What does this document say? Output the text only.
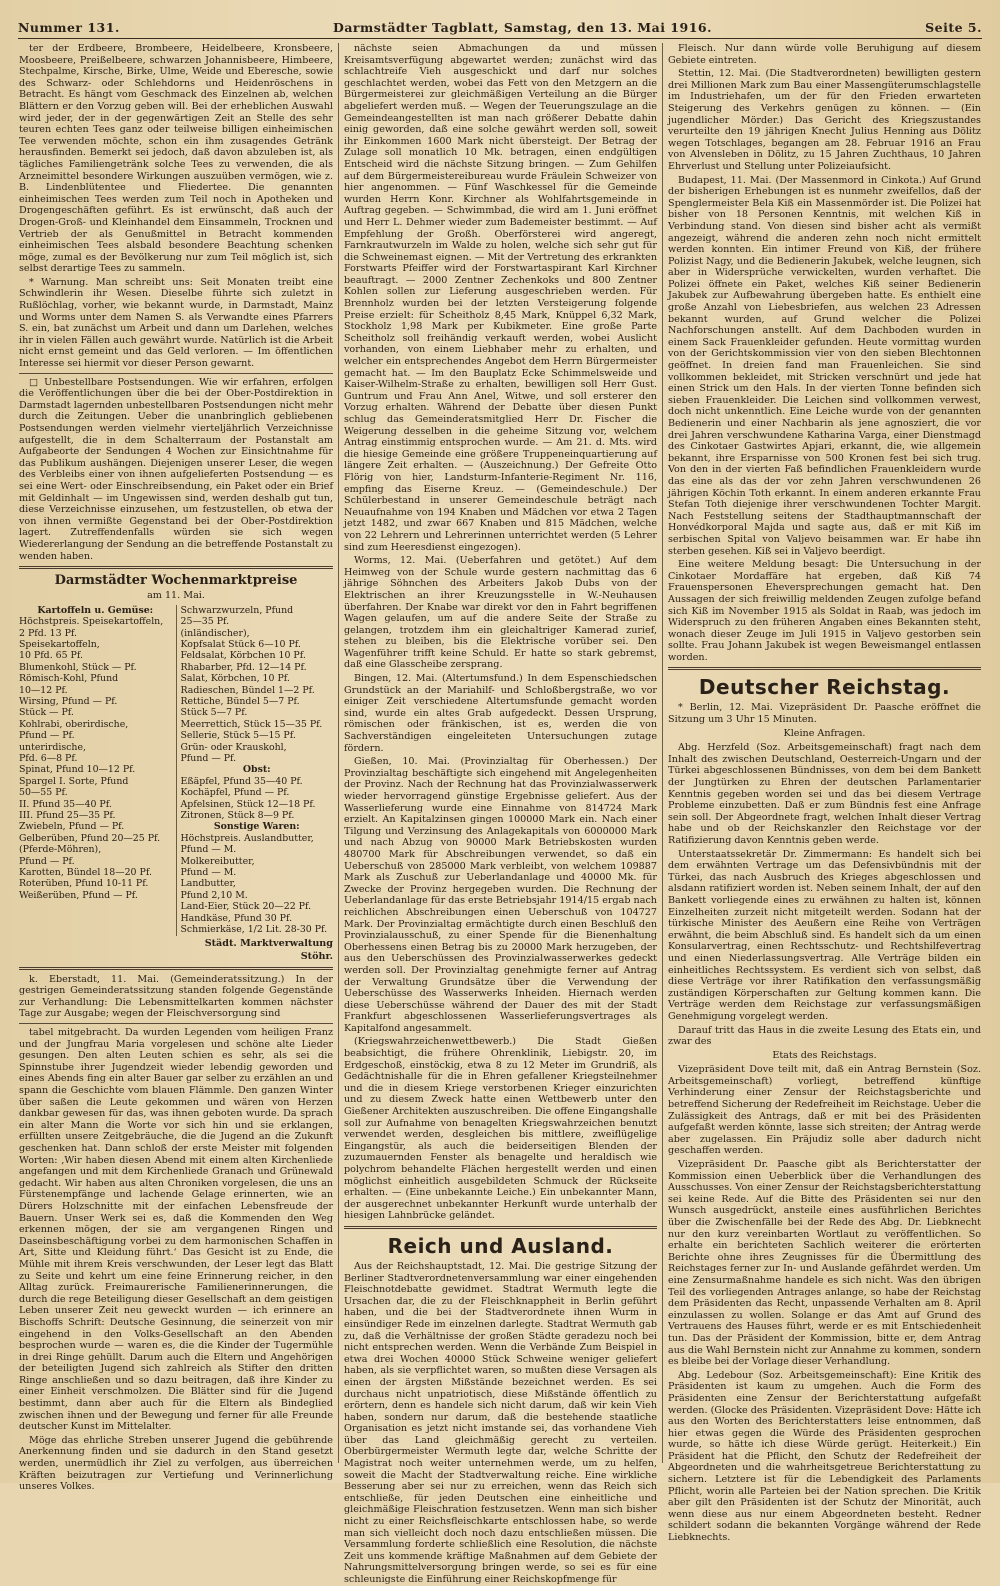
Nummer 131.	Darmstädter Tagblatt, Samstag, den 13. Mai 1916.	Seite 5.

ter der Erdbeere, Brombeere, Heidelbeere, Kronsbeere, Moosbeere, Preißelbeere, schwarzen Johannisbeere, Himbeere, Stechpalme, Kirsche, Birke, Ulme, Weide und Eberesche, sowie des Schwarz- oder Schlehdorns und Heidenröschens in Betracht. Es hängt vom Geschmack des Einzelnen ab, welchen Blättern er den Vorzug geben will. Bei der erheblichen Auswahl wird jeder, der in der gegenwärtigen Zeit an Stelle des sehr teuren echten Tees ganz oder teilweise billigen einheimischen Tee verwenden möchte, schon ein ihm zusagendes Getränk herausfinden. Bemerkt sei jedoch, daß davon abzuleben ist, als tägliches Familiengetränk solche Tees zu verwenden, die als Arzneimittel besondere Wirkungen auszuüben vermögen, wie z. B. Lindenblütentee und Fliedertee. Die genannten einheimischen Tees werden zum Teil noch in Apotheken und Drogengeschäften geführt. Es ist erwünscht, daß auch der Drogen-Groß- und Kleinhandel dem Einsammeln, Trocknen und Vertrieb der als Genußmittel in Betracht kommenden einheimischen Tees alsbald besondere Beachtung schenken möge, zumal es der Bevölkerung nur zum Teil möglich ist, sich selbst derartige Tees zu sammeln.

* Warnung. Man schreibt uns: Seit Monaten treibt eine Schwindlerin ihr Wesen. Dieselbe führte sich zuletzt in Rußlöchlag, vorher, wie bekannt wurde, in Darmstadt, Mainz und Worms unter dem Namen S. als Verwandte eines Pfarrers S. ein, bat zunächst um Arbeit und dann um Darlehen, welches ihr in vielen Fällen auch gewährt wurde. Natürlich ist die Arbeit nicht ernst gemeint und das Geld verloren. — Im öffentlichen Interesse sei hiermit vor dieser Person gewarnt.

□ Unbestellbare Postsendungen. Wie wir erfahren, erfolgen die Veröffentlichungen über die bei der Ober-Postdirektion in Darmstadt lagernden unbestellbaren Postsendungen nicht mehr durch die Zeitungen. Ueber die unanbringlich gebliebenen Postsendungen werden vielmehr vierteljährlich Verzeichnisse aufgestellt, die in dem Schalterraum der Postanstalt am Aufgabeorte der Sendungen 4 Wochen zur Einsichtnahme für das Publikum aushängen. Diejenigen unserer Leser, die wegen des Verbleibs einer von ihnen aufgelieferten Postsendung — es sei eine Wert- oder Einschreibsendung, ein Paket oder ein Brief mit Geldinhalt — im Ungewissen sind, werden deshalb gut tun, diese Verzeichnisse einzusehen, um festzustellen, ob etwa der von ihnen vermißte Gegenstand bei der Ober-Postdirektion lagert. Zutreffendenfalls würden sie sich wegen Wiedererlangung der Sendung an die betreffende Postanstalt zu wenden haben.

Darmstädter Wochenmarktpreise
am 11. Mai.
Kartoffeln u. Gemüse:
Höchstpreis. Speisekartoffeln,
2 Pfd. 13 Pf.
Speisekartoffeln,
10 Pfd. 65 Pf.
Blumenkohl, Stück — Pf.
Römisch-Kohl, Pfund
10—12 Pf.
Wirsing, Pfund — Pf.
Stück — Pf.
Kohlrabi, oberirdische,
Pfund — Pf.
unterirdische,
Pfd. 6—8 Pf.
Spinat, Pfund 10—12 Pf.
Spargel I. Sorte, Pfund
50—55 Pf.
II. Pfund 35—40 Pf.
III. Pfund 25—35 Pf.
Zwiebeln, Pfund — Pf.
Gelberüben, Pfund 20—25 Pf.
(Pferde-Möhren),
Pfund — Pf.
Karotten, Bündel 18—20 Pf.
Roterüben, Pfund 10-11 Pf.
Weißerüben, Pfund — Pf.
Schwarzwurzeln, Pfund
25—35 Pf.
(inländischer),
Kopfsalat Stück 6—10 Pf.
Feldsalat, Körbchen 10 Pf.
Rhabarber, Pfd. 12—14 Pf.
Salat, Körbchen, 10 Pf.
Radieschen, Bündel 1—2 Pf.
Rettiche, Bündel 5—7 Pf.
Stück 5—7 Pf.
Meerrettich, Stück 15—35 Pf.
Sellerie, Stück 5—15 Pf.
Grün- oder Krauskohl,
Pfund — Pf.
Obst:
Eßäpfel, Pfund 35—40 Pf.
Kochäpfel, Pfund — Pf.
Apfelsinen, Stück 12—18 Pf.
Zitronen, Stück 8—9 Pf.
Sonstige Waren:
Höchstpreis. Auslandbutter,
Pfund — M.
Molkereibutter,
Pfund — M.
Landbutter,
Pfund 2,10 M.
Land-Eier, Stück 20—22 Pf.
Handkäse, Pfund 30 Pf.
Schmierkäse, 1/2 Lit. 28-30 Pf.
Städt. Marktverwaltung
Stöhr.

k. Eberstadt, 11. Mai. (Gemeinderatssitzung.) In der gestrigen Gemeinderatssitzung standen folgende Gegenstände zur Verhandlung: Die Lebensmittelkarten kommen nächster Tage zur Ausgabe; wegen der Fleischversorgung sind

tabel mitgebracht. Da wurden Legenden vom heiligen Franz und der Jungfrau Maria vorgelesen und schöne alte Lieder gesungen. Den alten Leuten schien es sehr, als sei die Spinnstube ihrer Jugendzeit wieder lebendig geworden und eines Abends fing ein alter Bauer gar selber zu erzählen an und spann die Geschichte vom blauen Flämmle. Den ganzen Winter über saßen die Leute gekommen und wären von Herzen dankbar gewesen für das, was ihnen geboten wurde. Da sprach ein alter Mann die Worte vor sich hin und sie erklangen, erfüllten unsere Zeitgebräuche, die die Jugend an die Zukunft geschenken hat. Dann schloß der erste Meister mit folgenden Worten: ‚Wir haben diesen Abend mit einem alten Kirchenliede angefangen und mit dem Kirchenliede Granach und Grünewald gedacht. Wir haben aus alten Chroniken vorgelesen, die uns an Fürstenempfänge und lachende Gelage erinnerten, wie an Dürers Holzschnitte mit der einfachen Lebensfreude der Bauern. Unser Werk sei es, daß die Kommenden den Weg erkennen mögen, der sie am vergangenen Ringen und Daseinsbeschäftigung vorbei zu dem harmonischen Schaffen in Art, Sitte und Kleidung führt.‘ Das Gesicht ist zu Ende, die Mühle mit ihrem Kreis verschwunden, der Leser legt das Blatt zu Seite und kehrt um eine feine Erinnerung reicher, in den Alltag zurück. Freimaurerische Familienerinnerungen, die durch die rege Beteiligung dieser Gesellschaft an dem geistigen Leben unserer Zeit neu geweckt wurden — ich erinnere an Bischoffs Schrift: Deutsche Gesinnung, die seinerzeit von mir eingehend in den Volks-Gesellschaft an den Abenden besprochen wurde — waren es, die die Kinder der Tugermühle in drei Ringe gehüllt. Darum auch die Eltern und Angehörigen der beteiligten Jugend sich zahlreich als Stifter den dritten Ringe anschließen und so dazu beitragen, daß ihre Kinder zu einer Einheit verschmolzen. Die Blätter sind für die Jugend bestimmt, dann aber auch für die Eltern als Bindeglied zwischen ihnen und der Bewegung und ferner für alle Freunde deutscher Kunst im Mittelalter.

Möge das ehrliche Streben unserer Jugend die gebührende Anerkennung finden und sie dadurch in den Stand gesetzt werden, unermüdlich ihr Ziel zu verfolgen, aus überreichen Kräften beizutragen zur Vertiefung und Verinnerlichung unseres Volkes.

nächste seien Abmachungen da und müssen Kreisamtsverfügung abgewartet werden; zunächst wird das schlachtreife Vieh ausgeschickt und darf nur solches geschlachtet werden, wobei das Fett von den Metzgern an die Bürgermeisterei zur gleichmäßigen Verteilung an die Bürger abgeliefert werden muß. — Wegen der Teuerungszulage an die Gemeindeangestellten ist man nach größerer Debatte dahin einig geworden, daß eine solche gewährt werden soll, soweit ihr Einkommen 1600 Mark nicht übersteigt. Der Betrag der Zulage soll monatlich 10 Mk. betragen, einen endgültigen Entscheid wird die nächste Sitzung bringen. — Zum Gehilfen auf dem Bürgermeistereibureau wurde Fräulein Schweizer von hier angenommen. — Fünf Waschkessel für die Gemeinde wurden Herrn Konr. Kirchner als Wohlfahrtsgemeinde in Auftrag gegeben. — Schwimmbad, die wird am 1. Juni eröffnet und Herr L. Dehmer wieder zum Bademeister bestimmt. — Auf Empfehlung der Großh. Oberförsterei wird angeregt, Farnkrautwurzeln im Walde zu holen, welche sich sehr gut für die Schweinemast eignen. — Mit der Vertretung des erkrankten Forstwarts Pfeiffer wird der Forstwartaspirant Karl Kirchner beauftragt. — 2000 Zentner Zechenkoks und 800 Zentner Kohlen sollen zur Lieferung ausgeschrieben werden. Für Brennholz wurden bei der letzten Versteigerung folgende Preise erzielt: für Scheitholz 8,45 Mark, Knüppel 6,32 Mark, Stockholz 1,98 Mark per Kubikmeter. Eine große Parte Scheitholz soll freihändig verkauft werden, wobei Auslicht vorhanden, von einem Liebhaber mehr zu erhalten, und welcher ein entsprechendes Angebot dem Herrn Bürgermeister gemacht hat. — Im den Bauplatz Ecke Schimmelsweide und Kaiser-Wilhelm-Straße zu erhalten, bewilligen soll Herr Gust. Guntrum und Frau Ann Anel, Witwe, und soll ersterer den Vorzug erhalten. Während der Debatte über diesen Punkt schlug das Gemeinderatsmitglied Herr Dr. Fischer die Weigerung desselben in die geheime Sitzung vor, welchem Antrag einstimmig entsprochen wurde. — Am 21. d. Mts. wird die hiesige Gemeinde eine größere Truppeneinquartierung auf längere Zeit erhalten. — (Auszeichnung.) Der Gefreite Otto Flörig von hier, Landsturm-Infanterie-Regiment Nr. 116, empfing das Eiserne Kreuz. — (Gemeindeschule.) Der Schülerbestand in unserer Gemeindeschule beträgt nach Neuaufnahme von 194 Knaben und Mädchen vor etwa 2 Tagen jetzt 1482, und zwar 667 Knaben und 815 Mädchen, welche von 22 Lehrern und Lehrerinnen unterrichtet werden (5 Lehrer sind zum Heeresdienst eingezogen).

Worms, 12. Mai. (Ueberfahren und getötet.) Auf dem Heimweg von der Schule wurde gestern nachmittag das 6 jährige Söhnchen des Arbeiters Jakob Dubs von der Elektrischen an ihrer Kreuzungsstelle in W.-Neuhausen überfahren. Der Knabe war direkt vor den in Fahrt begriffenen Wagen gelaufen, um auf die andere Seite der Straße zu gelangen, trotzdem ihm ein gleichaltriger Kamerad zurief, stehen zu bleiben, bis die Elektrische vorüber sei. Den Wagenführer trifft keine Schuld. Er hatte so stark gebremst, daß eine Glasscheibe zersprang.

Bingen, 12. Mai. (Altertumsfund.) In dem Espenschiedschen Grundstück an der Mariahilf- und Schloßbergstraße, wo vor einiger Zeit verschiedene Altertumsfunde gemacht worden sind, wurde ein altes Grab aufgedeckt. Dessen Ursprung, römischen oder fränkischen, ist es, werden die von Sachverständigen eingeleiteten Untersuchungen zutage fördern.

Gießen, 10. Mai. (Provinzialtag für Oberhessen.) Der Provinzialtag beschäftigte sich eingehend mit Angelegenheiten der Provinz. Nach der Rechnung hat das Provinzialwasserwerk wieder hervorragend günstige Ergebnisse geliefert. Aus der Wasserlieferung wurde eine Einnahme von 814724 Mark erzielt. An Kapitalzinsen gingen 100000 Mark ein. Nach einer Tilgung und Verzinsung des Anlagekapitals von 6000000 Mark und nach Abzug von 90000 Mark Betriebskosten wurden 480700 Mark für Abschreibungen verwendet, so daß ein Ueberschuß von 285000 Mark verbleibt, von welchem 109887 Mark als Zuschuß zur Ueberlandanlage und 40000 Mk. für Zwecke der Provinz hergegeben wurden. Die Rechnung der Ueberlandanlage für das erste Betriebsjahr 1914/15 ergab nach reichlichen Abschreibungen einen Ueberschuß von 104727 Mark. Der Provinzialtag ermächtigte durch einen Beschluß den Provinzialausschuß, zu einer Spende für die Bienenhaltung Oberhessens einen Betrag bis zu 20000 Mark herzugeben, der aus den Ueberschüssen des Provinzialwasserwerkes gedeckt werden soll. Der Provinzialtag genehmigte ferner auf Antrag der Verwaltung Grundsätze über die Verwendung der Ueberschüsse des Wasserwerks Inheiden. Hiernach werden diese Ueberschüsse während der Dauer des mit der Stadt Frankfurt abgeschlossenen Wasserlieferungsvertrages als Kapitalfond angesammelt.

(Kriegswahrzeichenwettbewerb.) Die Stadt Gießen beabsichtigt, die frühere Ohrenklinik, Liebigstr. 20, im Erdgeschoß, einstöckig, etwa 8 zu 12 Meter im Grundriß, als Gedächtnishalle für die in Ehren gefallener Kriegsteilnehmer und die in diesem Kriege verstorbenen Krieger einzurichten und zu diesem Zweck hatte einen Wettbewerb unter den Gießener Architekten auszuschreiben. Die offene Eingangshalle soll zur Aufnahme von benagelten Kriegswahrzeichen benutzt verwendet werden, desgleichen bis mittlere, zweiflügelige Eingangstür, als auch die beiderseitigen Blenden der zuzumauernden Fenster als benagelte und heraldisch wie polychrom behandelte Flächen hergestellt werden und einen möglichst einheitlich ausgebildeten Schmuck der Rückseite erhalten. — (Eine unbekannte Leiche.) Ein unbekannter Mann, der ausgerechnet unbekannter Herkunft wurde unterhalb der hiesigen Lahnbrücke geländet.

Reich und Ausland.

Aus der Reichshauptstadt, 12. Mai. Die gestrige Sitzung der Berliner Stadtverordnetenversammlung war einer eingehenden Fleischnotdebatte gewidmet. Stadtrat Wermuth legte die Ursachen dar, die zu der Fleischknappheit in Berlin geführt haben, und die bei der Stadtverordnete ihnen Wurm in einsündiger Rede im einzelnen darlegte. Stadtrat Wermuth gab zu, daß die Verhältnisse der großen Städte geradezu noch bei nicht entsprechen werden. Wenn die Verbände Zum Beispiel in etwa drei Wochen 40000 Stück Schweine weniger geliefert haben, als sie verpflichtet waren, so mußten diese Versagen als einen der ärgsten Mißstände bezeichnet werden. Es sei durchaus nicht unpatriotisch, diese Mißstände öffentlich zu erörtern, denn es handele sich nicht darum, daß wir kein Vieh haben, sondern nur darum, daß die bestehende staatliche Organisation es jetzt nicht imstande sei, das vorhandene Vieh über das Land gleichmäßig gerecht zu verteilen. Oberbürgermeister Wermuth legte dar, welche Schritte der Magistrat noch weiter unternehmen werde, um zu helfen, soweit die Macht der Stadtverwaltung reiche. Eine wirkliche Besserung aber sei nur zu erreichen, wenn das Reich sich entschließe, für jeden Deutschen eine einheitliche und gleichmäßige Fleischration festzusetzen. Wenn man sich bisher nicht zu einer Reichsfleischkarte entschlossen habe, so werde man sich vielleicht doch noch dazu entschließen müssen. Die Versammlung forderte schließlich eine Resolution, die nächste Zeit uns kommende kräftige Maßnahmen auf dem Gebiete der Nahrungsmittelversorgung bringen werde, so sei es für eine schleunigste die Einführung einer Reichskopfmenge für

Fleisch. Nur dann würde volle Beruhigung auf diesem Gebiete eintreten.

Stettin, 12. Mai. (Die Stadtverordneten) bewilligten gestern drei Millionen Mark zum Bau einer Massengüterumschlagstelle im Industriehafen, um der für den Frieden erwarteten Steigerung des Verkehrs genügen zu können. — (Ein jugendlicher Mörder.) Das Gericht des Kriegszustandes verurteilte den 19 jährigen Knecht Julius Henning aus Dölitz wegen Totschlages, begangen am 28. Februar 1916 an Frau von Alvensleben in Dölitz, zu 15 Jahren Zuchthaus, 10 Jahren Ehrverlust und Stellung unter Polizeiaufsicht.

Budapest, 11. Mai. (Der Massenmord in Cinkota.) Auf Grund der bisherigen Erhebungen ist es nunmehr zweifellos, daß der Spenglermeister Bela Kiß ein Massenmörder ist. Die Polizei hat bisher von 18 Personen Kenntnis, mit welchen Kiß in Verbindung stand. Von diesen sind bisher acht als vermißt angezeigt, während die anderen zehn noch nicht ermittelt werden konnten. Ein intimer Freund von Kiß, der frühere Polizist Nagy, und die Bedienerin Jakubek, welche leugnen, sich aber in Widersprüche verwickelten, wurden verhaftet. Die Polizei öffnete ein Paket, welches Kiß seiner Bedienerin Jakubek zur Aufbewahrung übergeben hatte. Es enthielt eine große Anzahl von Liebesbriefen, aus welchen 23 Adressen bekannt wurden, auf Grund welcher die Polizei Nachforschungen anstellt. Auf dem Dachboden wurden in einem Sack Frauenkleider gefunden. Heute vormittag wurden von der Gerichtskommission vier von den sieben Blechtonnen geöffnet. In dreien fand man Frauenleichen. Sie sind vollkommen bekleidet, mit Stricken verschnürt und jede hat einen Strick um den Hals. In der vierten Tonne befinden sich sieben Frauenkleider. Die Leichen sind vollkommen verwest, doch nicht unkenntlich. Eine Leiche wurde von der genannten Bedienerin und einer Nachbarin als jene agnosziert, die vor drei Jahren verschwundene Katharina Varga, einer Dienstmagd des Cinkotaer Gastwirtes Apjari, erkannt, die, wie allgemein bekannt, ihre Ersparnisse von 500 Kronen fest bei sich trug. Von den in der vierten Faß befindlichen Frauenkleidern wurde das eine als das der vor zehn Jahren verschwundenen 26 jährigen Köchin Toth erkannt. In einem anderen erkannte Frau Stefan Toth diejenige ihrer verschwundenen Tochter Margit. Nach Feststellung seitens der Stadthauptmannschaft der Honvédkorporal Majda und sagte aus, daß er mit Kiß im serbischen Spital von Valjevo beisammen war. Er habe ihn sterben gesehen. Kiß sei in Valjevo beerdigt.

Eine weitere Meldung besagt: Die Untersuchung in der Cinkotaer Mordaffäre hat ergeben, daß Kiß 74 Frauenspersonen Eheversprechungen gemacht hat. Den Aussagen der sich freiwillig meldenden Zeugen zufolge befand sich Kiß im November 1915 als Soldat in Raab, was jedoch im Widerspruch zu den früheren Angaben eines Bekannten steht, wonach dieser Zeuge im Juli 1915 in Valjevo gestorben sein sollte. Frau Johann Jakubek ist wegen Beweismangel entlassen worden.

Deutscher Reichstag.

* Berlin, 12. Mai. Vizepräsident Dr. Paasche eröffnet die Sitzung um 3 Uhr 15 Minuten.

Kleine Anfragen.

Abg. Herzfeld (Soz. Arbeitsgemeinschaft) fragt nach dem Inhalt des zwischen Deutschland, Oesterreich-Ungarn und der Türkei abgeschlossenen Bündnisses, von dem bei dem Bankett der Jungtürken zu Ehren der deutschen Parlamentarier Kenntnis gegeben worden sei und das bei diesem Vertrage Probleme einzubetten. Daß er zum Bündnis fest eine Anfrage sein soll. Der Abgeordnete fragt, welchen Inhalt dieser Vertrag habe und ob der Reichskanzler den Reichstage vor der Ratifizierung davon Kenntnis geben werde.

Unterstaatssekretär Dr. Zimmermann: Es handelt sich bei dem erwähnten Vertrage um das Defensivbündnis mit der Türkei, das nach Ausbruch des Krieges abgeschlossen und alsdann ratifiziert worden ist. Neben seinem Inhalt, der auf den Bankett vorliegende eines zu erwähnen zu halten ist, können Einzelheiten zurzeit nicht mitgeteilt werden. Sodann hat der türkische Minister des Aeußern eine Reihe von Verträgen erwähnt, die beim Abschluß sind. Es handelt sich da um einen Konsularvertrag, einen Rechtsschutz- und Rechtshilfevertrag und einen Niederlassungsvertrag. Alle Verträge bilden ein einheitliches Rechtssystem. Es verdient sich von selbst, daß diese Verträge vor ihrer Ratifikation den verfassungsmäßig zuständigen Körperschaften zur Geltung kommen kann. Die Verträge werden dem Reichstage zur verfassungsmäßigen Genehmigung vorgelegt werden.

Darauf tritt das Haus in die zweite Lesung des Etats ein, und zwar des

Etats des Reichstags.

Vizepräsident Dove teilt mit, daß ein Antrag Bernstein (Soz. Arbeitsgemeinschaft) vorliegt, betreffend künftige Verhinderung einer Zensur der Reichstagsberichte und betreffend Sicherung der Redefreiheit im Reichstage. Ueber die Zulässigkeit des Antrags, daß er mit bei des Präsidenten aufgefaßt werden könnte, lasse sich streiten; der Antrag werde aber zugelassen. Ein Präjudiz solle aber dadurch nicht geschaffen werden.

Vizepräsident Dr. Paasche gibt als Berichterstatter der Kommission einen Ueberblick über die Verhandlungen des Ausschusses. Von einer Zensur der Reichstagsberichterstattung sei keine Rede. Auf die Bitte des Präsidenten sei nur den Wunsch ausgedrückt, ansteile eines ausführlichen Berichtes über die Zwischenfälle bei der Rede des Abg. Dr. Liebknecht nur den kurz vereinbarten Wortlaut zu veröffentlichen. So erhalte ein berichteten Sachlich weiterer die erörterten Berichte ohne ihres Zeugnisses für die Übermittlung des Reichstages ferner zur In- und Auslande gefährdet werden. Um eine Zensurmaßnahme handele es sich nicht. Was den übrigen Teil des vorliegenden Antrages anlange, so habe der Reichstag dem Präsidenten das Recht, unpassende Verhalten am 8. April einzulassen zu wollen. Solange er das Amt auf Grund des Vertrauens des Hauses führt, werde er es mit Entschiedenheit tun. Das der Präsident der Kommission, bitte er, dem Antrag aus die Wahl Bernstein nicht zur Annahme zu kommen, sondern es bleibe bei der Vorlage dieser Verhandlung.

Abg. Ledebour (Soz. Arbeitsgemeinschaft): Eine Kritik des Präsidenten ist kaum zu umgehen. Auch die Form des Präsidenten eine Zensur der Berichterstattung aufgefaßt werden. (Glocke des Präsidenten. Vizepräsident Dove: Hätte ich aus den Worten des Berichterstatters leise entnommen, daß hier etwas gegen die Würde des Präsidenten gesprochen wurde, so hätte ich diese Würde gerügt. Heiterkeit.) Ein Präsident hat die Pflicht, den Schutz der Redefreiheit der Abgeordneten und die wahrheitsgetreue Berichterstattung zu sichern. Letztere ist für die Lebendigkeit des Parlaments Pflicht, worin alle Parteien bei der Nation sprechen. Die Kritik aber gilt den Präsidenten ist der Schutz der Minorität, auch wenn diese aus nur einem Abgeordneten besteht. Redner schildert sodann die bekannten Vorgänge während der Rede Liebknechts.
